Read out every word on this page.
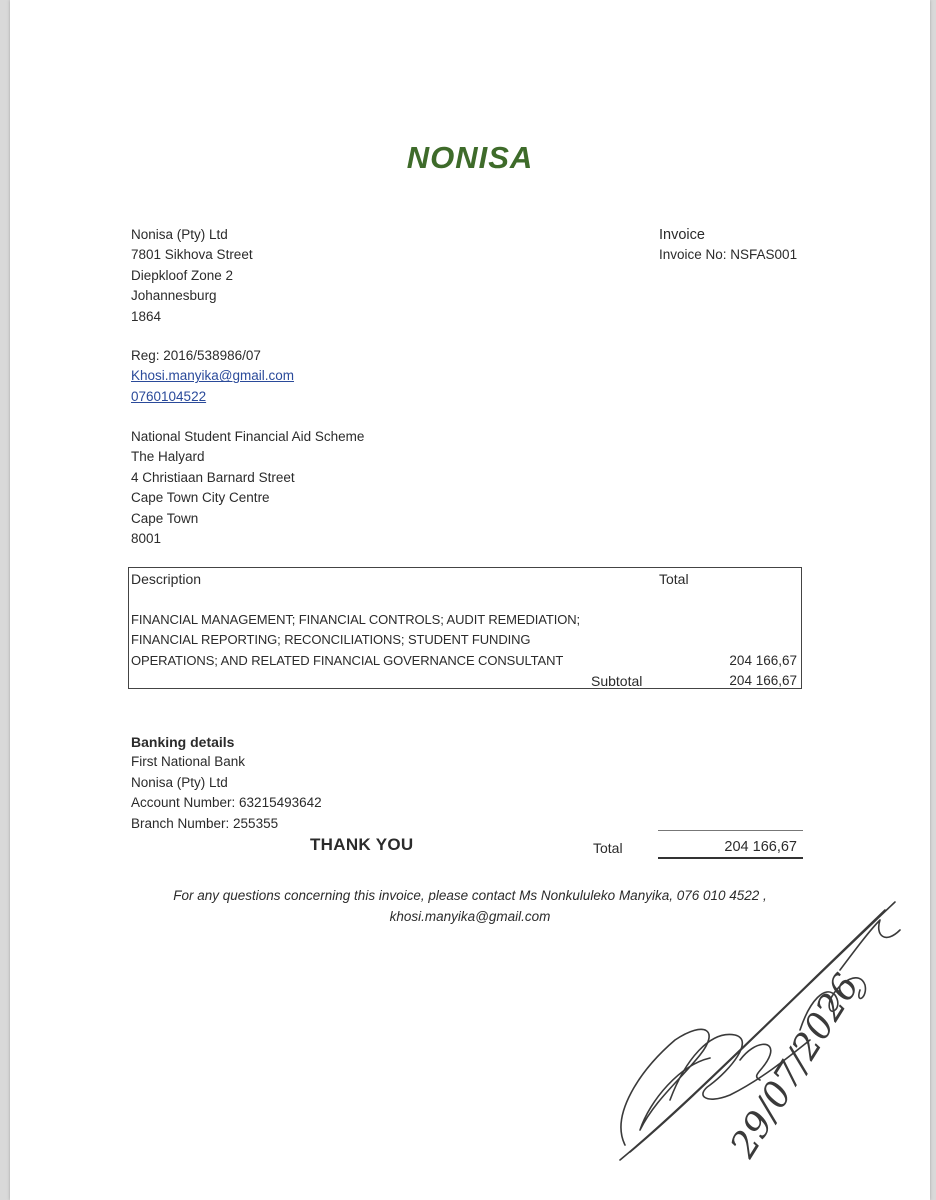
NONISA
Nonisa (Pty) Ltd
7801 Sikhova Street
Diepkloof Zone 2
Johannesburg
1864
Reg: 2016/538986/07
Khosi.manyika@gmail.com
0760104522

Invoice

Invoice No: NSFAS001

National Student Financial Aid Scheme
The Halyard
4 Christiaan Barnard Street
Cape Town City Centre
Cape Town
8001

Description	Total

FINANCIAL MANAGEMENT; FINANCIAL CONTROLS; AUDIT REMEDIATION;
FINANCIAL REPORTING; RECONCILIATIONS; STUDENT FUNDING
OPERATIONS; AND RELATED FINANCIAL GOVERNANCE CONSULTANT	204 166,67

Subtotal	204 166,67

Banking details
First National Bank
Nonisa (Pty) Ltd
Account Number: 63215493642
Branch Number: 255355

THANK YOU	Total	204 166,67

For any questions concerning this invoice, please contact Ms Nonkululeko Manyika, 076 010 4522 ,
khosi.manyika@gmail.com
29/07/2026
